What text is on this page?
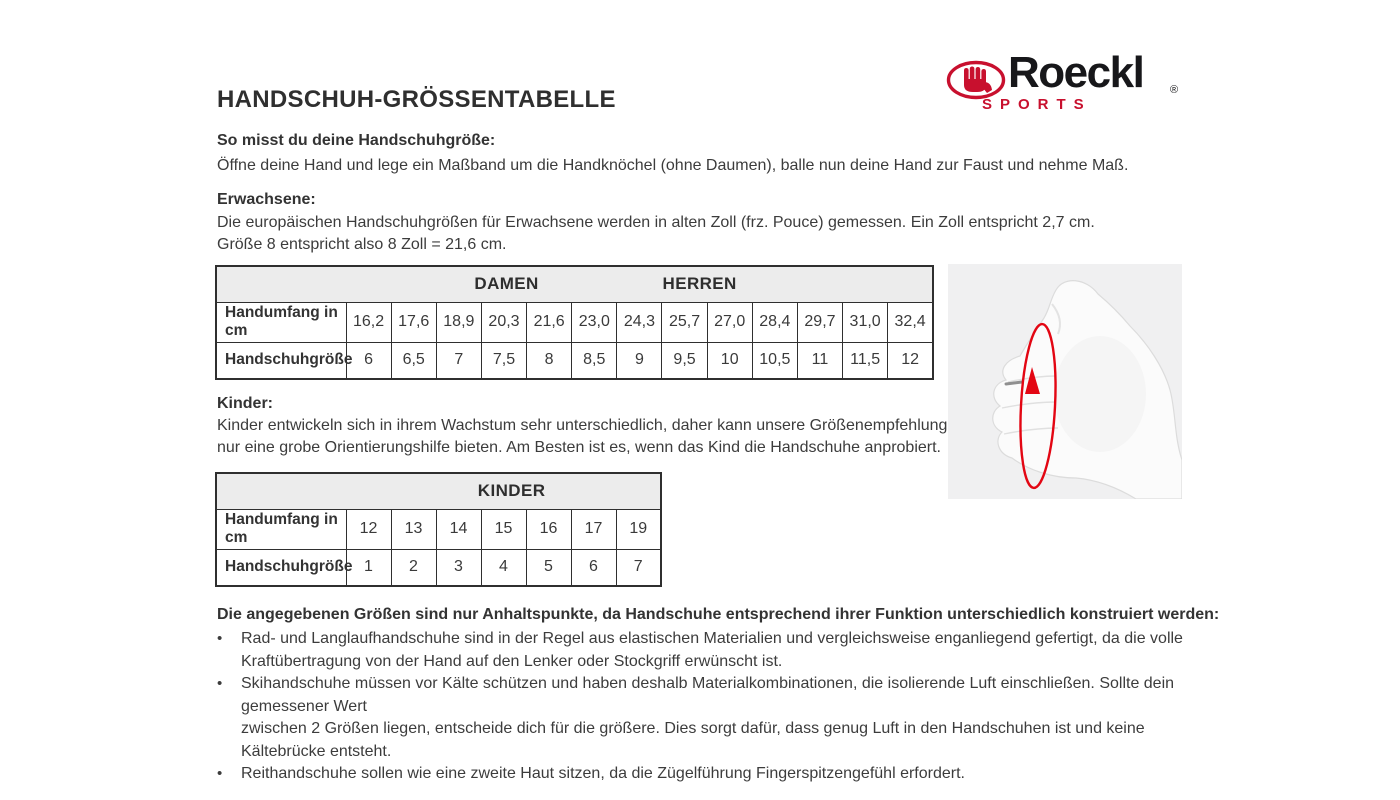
Roeckl ®
SPORTS
HANDSCHUH-GRÖSSENTABELLE
So misst du deine Handschuhgröße:
Öffne deine Hand und lege ein Maßband um die Handknöchel (ohne Daumen), balle nun deine Hand zur Faust und nehme Maß.
Erwachsene:
Die europäischen Handschuhgrößen für Erwachsene werden in alten Zoll (frz. Pouce) gemessen. Ein Zoll entspricht 2,7 cm.
Größe 8 entspricht also 8 Zoll = 21,6 cm.
DAMEN HERREN													

Handumfang in cm	16,2	17,6	18,9	20,3	21,6	23,0	24,3	25,7	27,0	28,4	29,7	31,0	32,4
Handschuhgröße	6	6,5	7	7,5	8	8,5	9	9,5	10	10,5	11	11,5	12
Kinder:
Kinder entwickeln sich in ihrem Wachstum sehr unterschiedlich, daher kann unsere Größenempfehlung
nur eine grobe Orientierungshilfe bieten. Am Besten ist es, wenn das Kind die Handschuhe anprobiert.
KINDER							

Handumfang in cm	12	13	14	15	16	17	19
Handschuhgröße	1	2	3	4	5	6	7
Die angegebenen Größen sind nur Anhaltspunkte, da Handschuhe entsprechend ihrer Funktion unterschiedlich konstruiert werden:
•	Rad- und Langlaufhandschuhe sind in der Regel aus elastischen Materialien und vergleichsweise enganliegend gefertigt, da die volle
Kraftübertragung von der Hand auf den Lenker oder Stockgriff erwünscht ist.
•	Skihandschuhe müssen vor Kälte schützen und haben deshalb Materialkombinationen, die isolierende Luft einschließen. Sollte dein gemessener Wert
zwischen 2 Größen liegen, entscheide dich für die größere. Dies sorgt dafür, dass genug Luft in den Handschuhen ist und keine Kältebrücke entsteht.
•	Reithandschuhe sollen wie eine zweite Haut sitzen, da die Zügelführung Fingerspitzengefühl erfordert.
